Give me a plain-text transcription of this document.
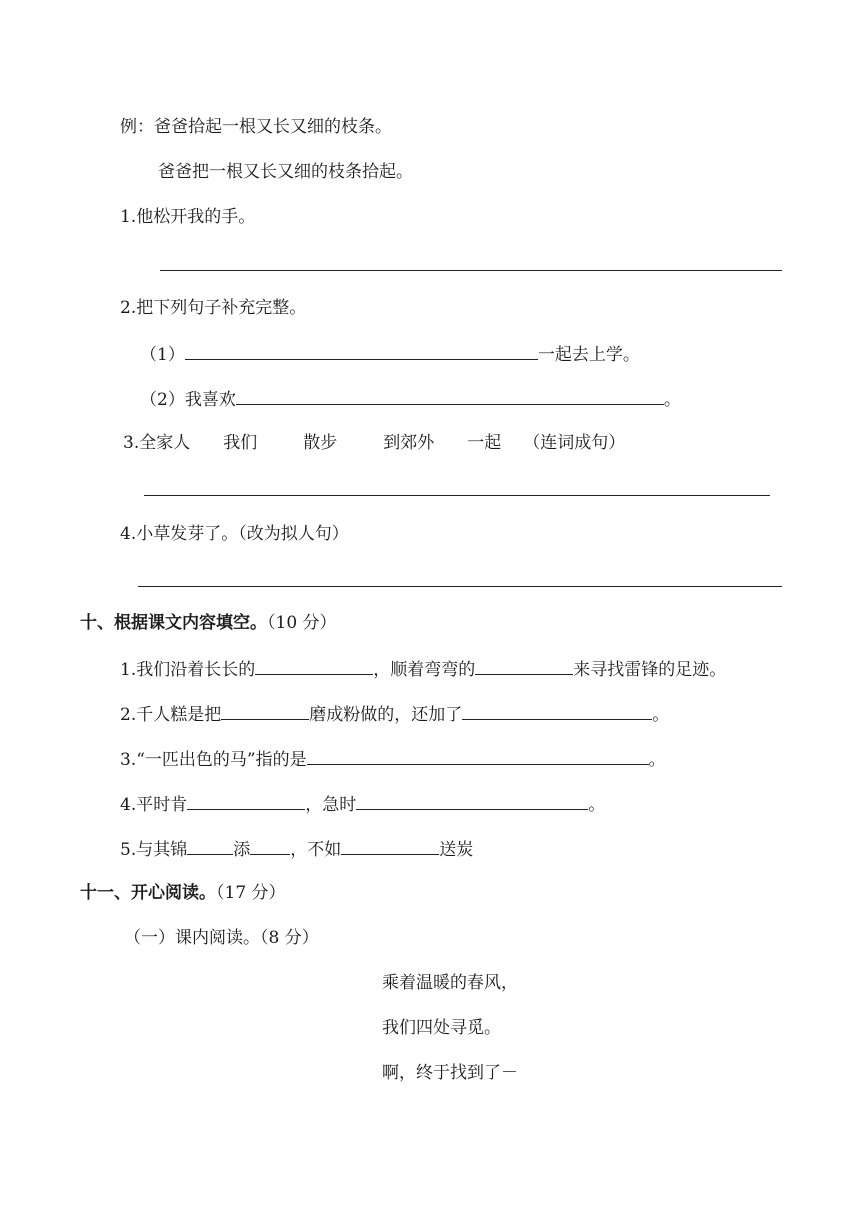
例：爸爸拾起一根又长又细的枝条。
爸爸把一根又长又细的枝条拾起。
1.他松开我的手。
2.把下列句子补充完整。
（1）	一起去上学。
（2）我喜欢	。
3.全家人 我们	散步	到郊外 一起 （连词成句）
4.小草发芽了。（改为拟人句）
十、根据课文内容填空。（10 分）
1.我们沿着长长的	，顺着弯弯的	来寻找雷锋的足迹。
2.千人糕是把	磨成粉做的，还加了	。
3.“一匹出色的马”指的是	。
4.平时肯	，急时	。
5.与其锦	添 ，不如	送炭
十一、开心阅读。（17 分）
（一）课内阅读。（8 分）
乘着温暖的春风，
我们四处寻觅。
啊，终于找到了－
